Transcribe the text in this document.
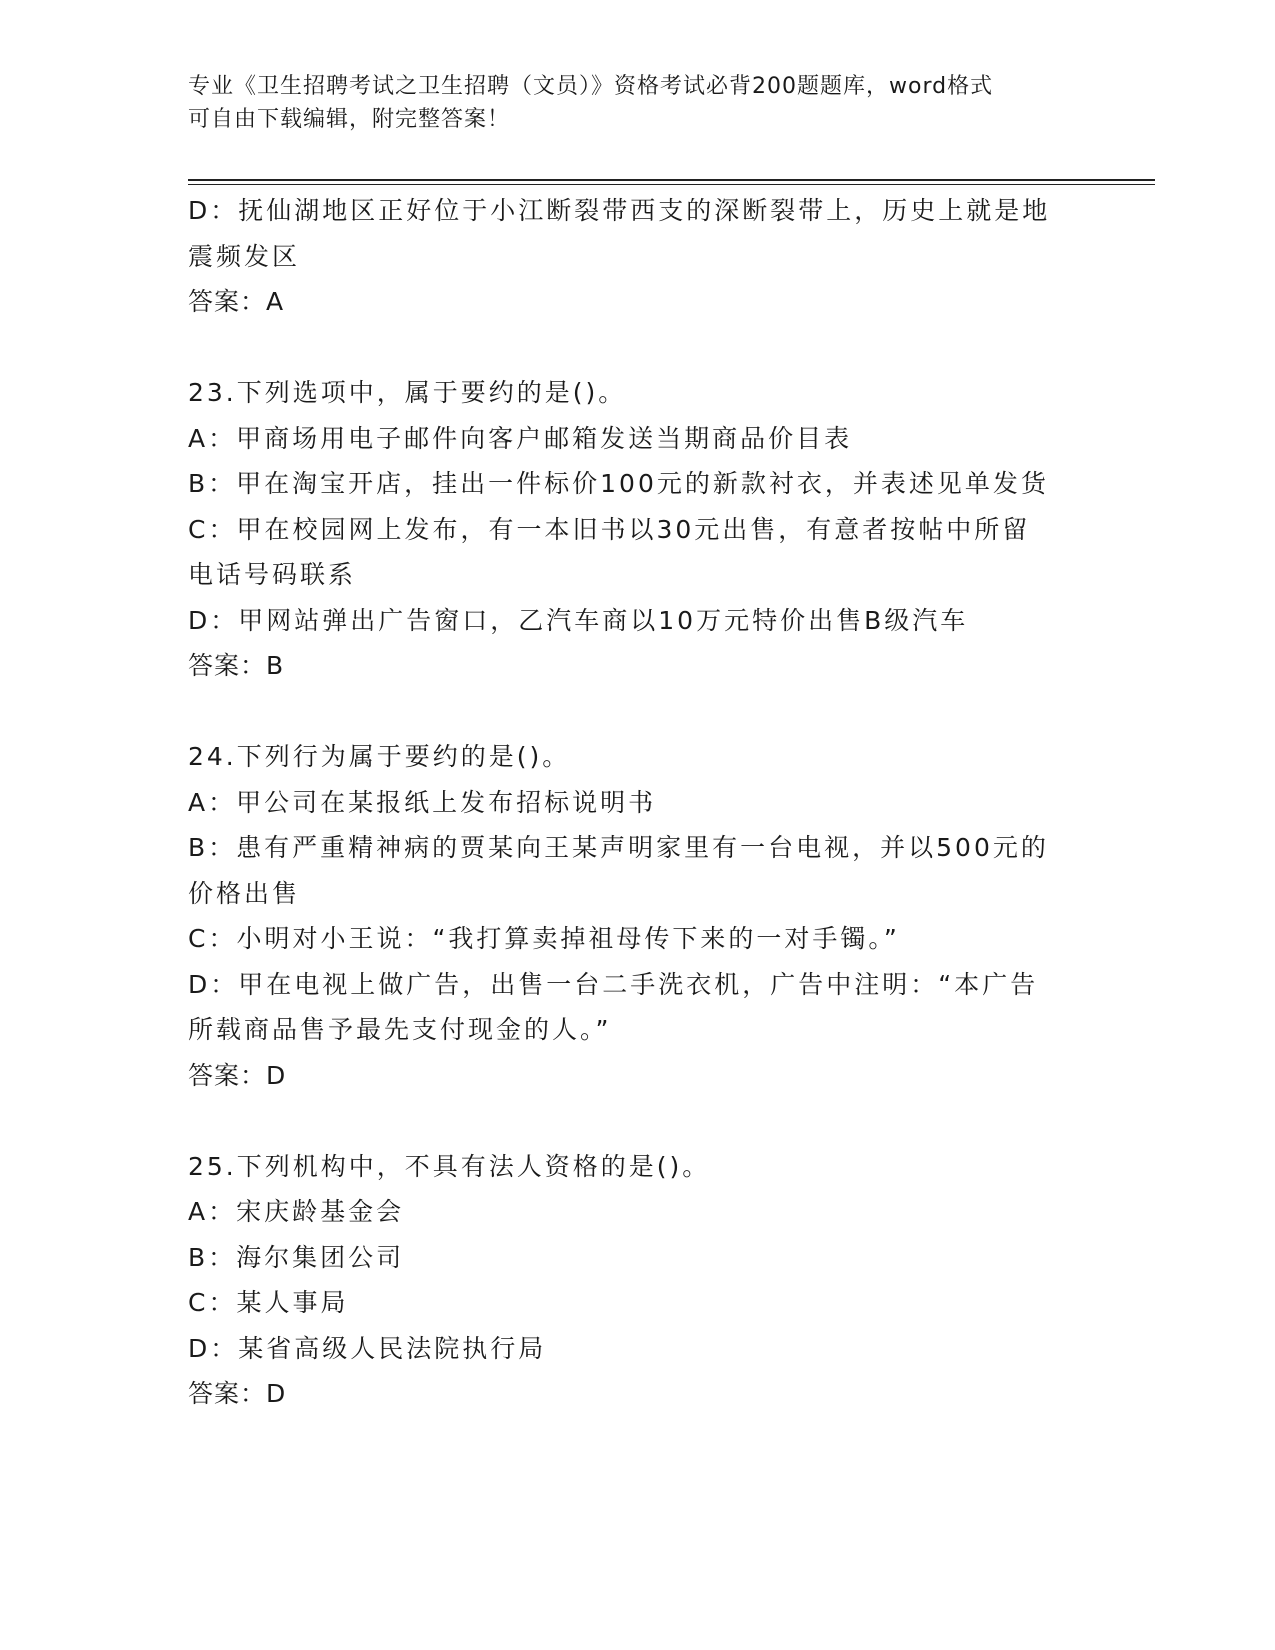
专业《卫生招聘考试之卫生招聘（文员）》资格考试必背200题题库，word格式
可自由下载编辑，附完整答案！
D：抚仙湖地区正好位于小江断裂带西支的深断裂带上，历史上就是地
震频发区
答案：A
23.下列选项中，属于要约的是()。
A：甲商场用电子邮件向客户邮箱发送当期商品价目表
B：甲在淘宝开店，挂出一件标价100元的新款衬衣，并表述见单发货
C：甲在校园网上发布，有一本旧书以30元出售，有意者按帖中所留
电话号码联系
D：甲网站弹出广告窗口，乙汽车商以10万元特价出售B级汽车
答案：B
24.下列行为属于要约的是()。
A：甲公司在某报纸上发布招标说明书
B：患有严重精神病的贾某向王某声明家里有一台电视，并以500元的
价格出售
C：小明对小王说：“我打算卖掉祖母传下来的一对手镯。”
D：甲在电视上做广告，出售一台二手洗衣机，广告中注明：“本广告
所载商品售予最先支付现金的人。”
答案：D
25.下列机构中，不具有法人资格的是()。
A：宋庆龄基金会
B：海尔集团公司
C：某人事局
D：某省高级人民法院执行局
答案：D
